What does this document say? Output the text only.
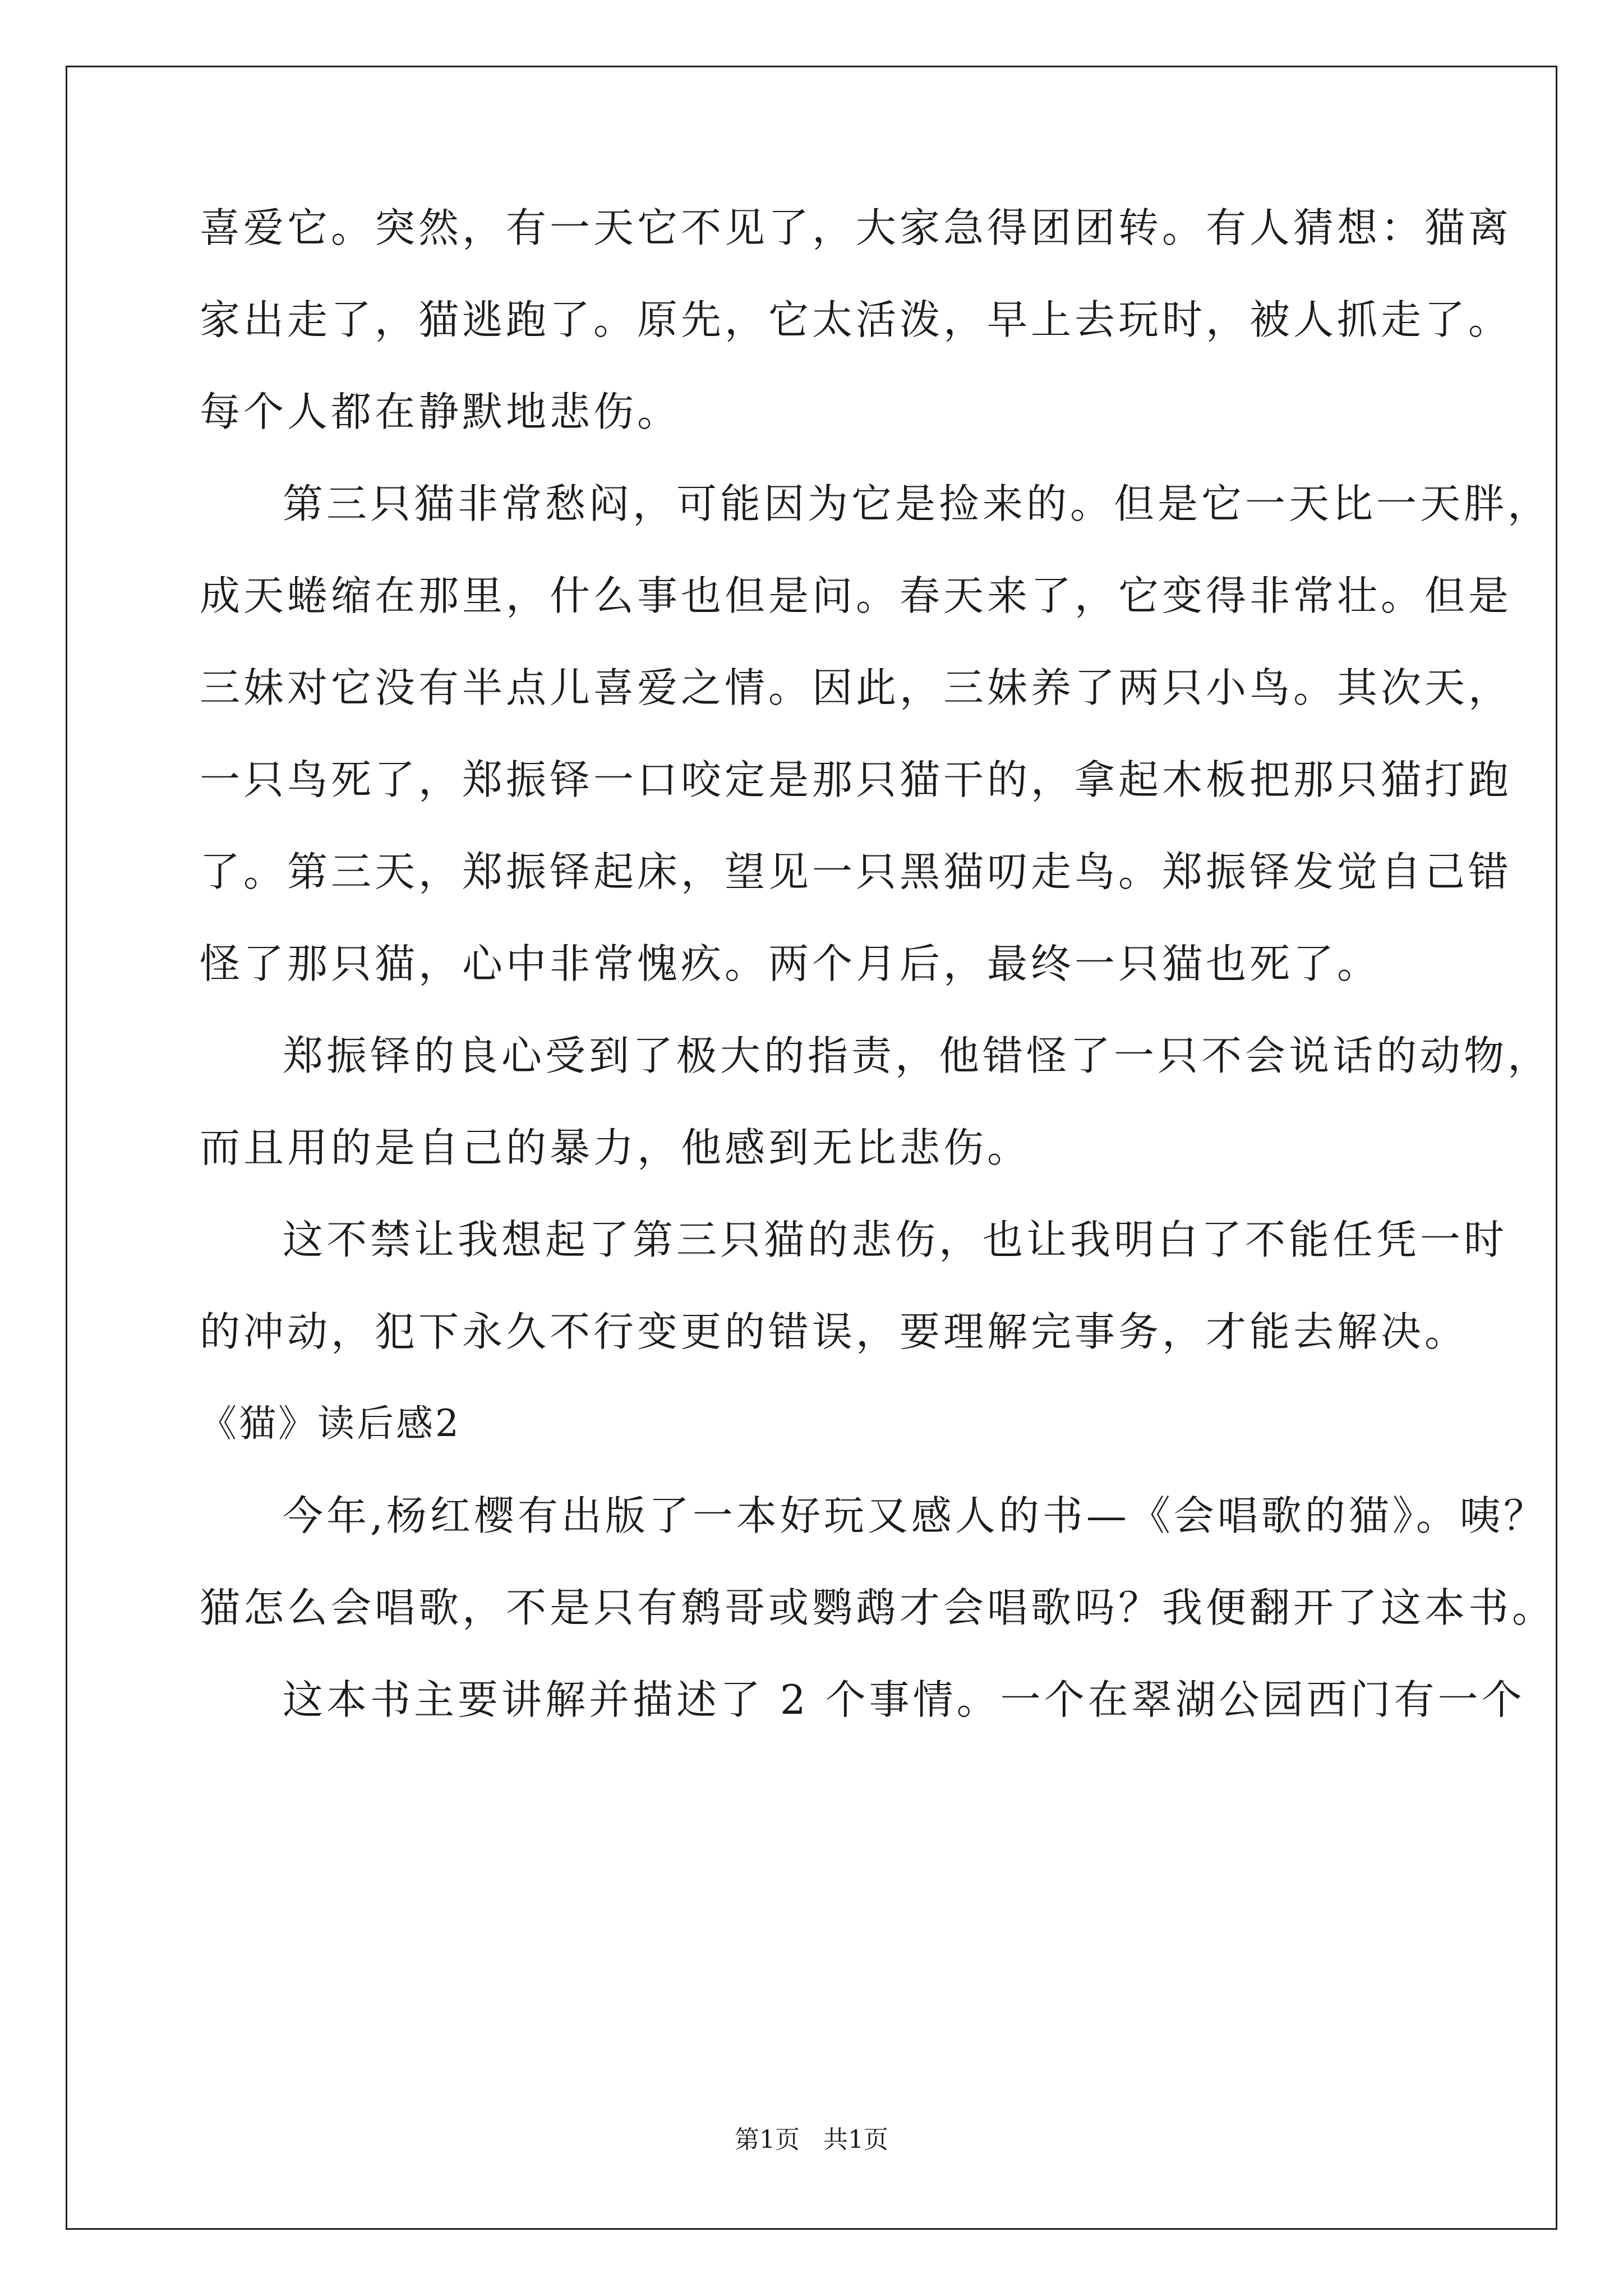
喜爱它。突然，有一天它不见了，大家急得团团转。有人猜想：猫离

家出走了，猫逃跑了。原先，它太活泼，早上去玩时，被人抓走了。

每个人都在静默地悲伤。

第三只猫非常愁闷，可能因为它是捡来的。但是它一天比一天胖，

成天蜷缩在那里，什么事也但是问。春天来了，它变得非常壮。但是

三妹对它没有半点儿喜爱之情。因此，三妹养了两只小鸟。其次天，

一只鸟死了，郑振铎一口咬定是那只猫干的，拿起木板把那只猫打跑

了。第三天，郑振铎起床，望见一只黑猫叨走鸟。郑振铎发觉自己错

怪了那只猫，心中非常愧疚。两个月后，最终一只猫也死了。

郑振铎的良心受到了极大的指责，他错怪了一只不会说话的动物，

而且用的是自己的暴力，他感到无比悲伤。

这不禁让我想起了第三只猫的悲伤，也让我明白了不能任凭一时

的冲动，犯下永久不行变更的错误，要理解完事务，才能去解决。

《猫》读后感2

今年,杨红樱有出版了一本好玩又感人的书—《会唱歌的猫》。咦？

猫怎么会唱歌，不是只有鹩哥或鹦鹉才会唱歌吗？我便翻开了这本书。

这本书主要讲解并描述了 2 个事情。一个在翠湖公园西门有一个

第1页 共1页
